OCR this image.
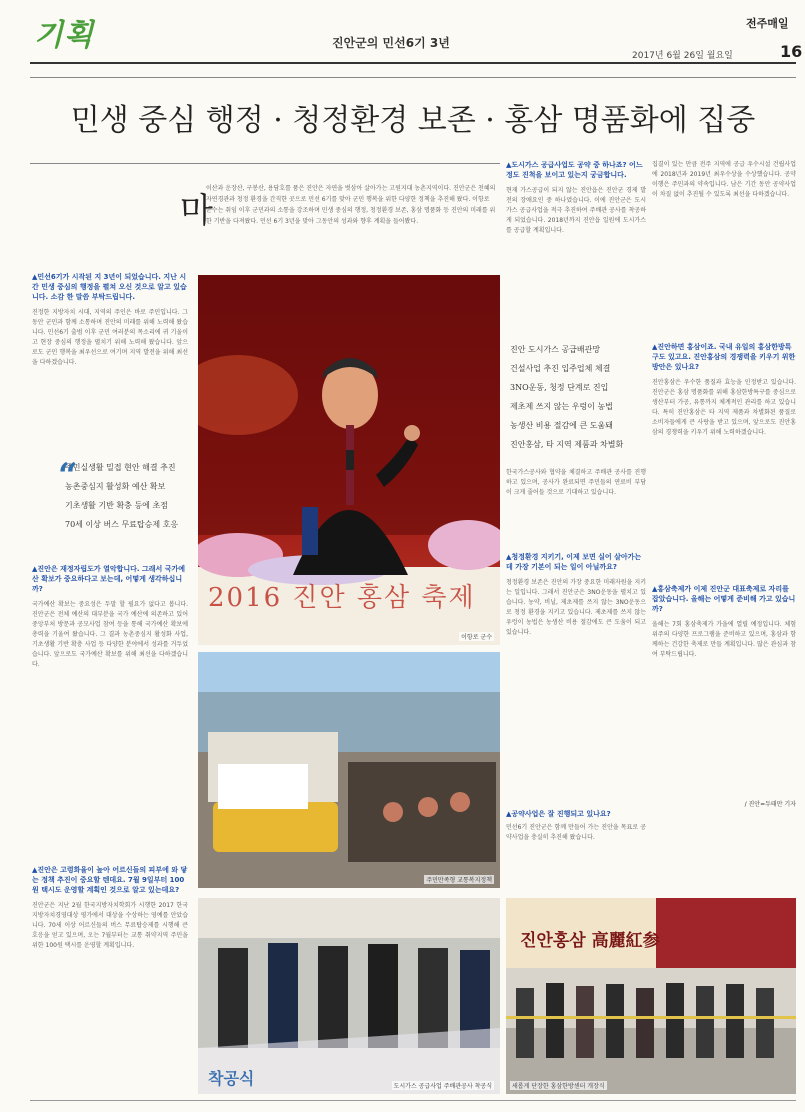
기획	진안군의 민선6기 3년
전주매일
2017년 6월 26일 월요일	16
민생 중심 행정 · 청정환경 보존 · 홍삼 명품화에 집중
마
이산과 운장산, 구봉산, 용담호를 품은 진안은 자연을 벗삼아 살아가는 고원지대 농촌지역이다. 진안군은 천혜의 자연경관과 청정 환경을 간직한 곳으로 민선 6기를 맞아 군민 행복을 위한 다양한 정책을 추진해 왔다. 이항로 군수는 취임 이후 군민과의 소통을 강조하며 민생 중심의 행정, 청정환경 보존, 홍삼 명품화 등 진안의 미래를 위한 기반을 다져왔다. 민선 6기 3년을 맞아 그동안의 성과와 향후 계획을 들어봤다.
▲민선6기가 시작된 지 3년이 되었습니다. 지난 시간 민생 중심의 행정을 펼쳐 오신 것으로 알고 있습니다. 소감 한 말씀 부탁드립니다.
진정한 지방자치 시대, 지역의 주인은 바로 주민입니다. 그동안 군민과 함께 소통하며 진안의 미래를 위해 노력해 왔습니다. 민선6기 출범 이후 군민 여러분의 목소리에 귀 기울이고 현장 중심의 행정을 펼치기 위해 노력해 왔습니다. 앞으로도 군민 행복을 최우선으로 여기며 지역 발전을 위해 최선을 다하겠습니다.
“
주민실생활 밀접 현안 해결 추진
농촌중심지 활성화 예산 확보
기초생활 기반 확충 등에 초점
70세 이상 버스 무료탑승제 호응
▲진안은 재정자립도가 열악합니다. 그래서 국가예산 확보가 중요하다고 보는데, 어떻게 생각하십니까?
국가예산 확보는 중요성은 두말 할 필요가 없다고 봅니다. 진안군은 전체 예산의 대부분을 국가 예산에 의존하고 있어 중앙부처 방문과 공모사업 참여 등을 통해 국가예산 확보에 총력을 기울여 왔습니다. 그 결과 농촌중심지 활성화 사업, 기초생활 기반 확충 사업 등 다양한 분야에서 성과를 거두었습니다. 앞으로도 국가예산 확보를 위해 최선을 다하겠습니다.
▲진안은 고령화율이 높아 어르신들의 피부에 와 닿는 정책 추진이 중요할 텐데요. 7월 9일부터 100원 택시도 운영할 계획인 것으로 알고 있는데요?
진안군은 지난 2월 한국지방자치학회가 시행한 2017 한국지방자치경영대상 평가에서 대상을 수상하는 영예를 안았습니다. 70세 이상 어르신들의 버스 무료탑승제를 시행해 큰 호응을 얻고 있으며, 오는 7월부터는 교통 취약지역 주민을 위한 100원 택시를 운영할 계획입니다.
이항로 군수
2016 진안 홍삼 축제
주민만족형 교통복지정책
착공식	도시가스 공급사업 주배관공사 착공식
▲도시가스 공급사업도 공약 중 하나죠? 어느 정도 진척을 보이고 있는지 궁금합니다.
현재 가스공급이 되지 않는 진안읍은 진안군 경제 발전의 장애요인 중 하나였습니다. 이에 진안군은 도시가스 공급사업을 적극 추진하여 주배관 공사를 착공하게 되었습니다. 2018년까지 진안읍 일원에 도시가스를 공급할 계획입니다.
진안 도시가스 공급배관망
건설사업 추진 입주업체 체결
3NO운동, 청정 단계로 진입
제초제 쓰지 않는 우렁이 농법
농생산 비용 절감에 큰 도움돼
진안홍삼, 타 지역 제품과 차별화
한국가스공사와 협약을 체결하고 주배관 공사를 진행하고 있으며, 공사가 완료되면 주민들의 연료비 부담이 크게 줄어들 것으로 기대하고 있습니다.
▲청정환경 지키기, 이제 보면 실어 살아가는데 가장 기본이 되는 일이 아닐까요?
청정환경 보존은 진안의 가장 중요한 미래자원을 지키는 일입니다. 그래서 진안군은 3NO운동을 펼치고 있습니다. 농약, 비닐, 제초제를 쓰지 않는 3NO운동으로 청정 환경을 지키고 있습니다. 제초제를 쓰지 않는 우렁이 농법은 농생산 비용 절감에도 큰 도움이 되고 있습니다.
▲공약사업은 잘 진행되고 있나요?
민선6기 진안군은 함께 만들어 가는 진안을 목표로 공약사업을 충실히 추진해 왔습니다.
집결이 있는 만큼 전주 지역에 공급 우수시설 건립사업에 2018년과 2019년 최우수상을 수상했습니다. 공약이행은 주민과의 약속입니다. 남은 기간 동안 공약사업이 차질 없이 추진될 수 있도록 최선을 다하겠습니다.
▲진안하면 홍삼이죠. 국내 유일의 홍삼한방특구도 있고요. 진안홍삼의 경쟁력을 키우기 위한 방안은 있나요?
진안홍삼은 우수한 품질과 효능을 인정받고 있습니다. 진안군은 홍삼 명품화를 위해 홍삼한방특구를 중심으로 생산부터 가공, 유통까지 체계적인 관리를 하고 있습니다. 특히 진안홍삼은 타 지역 제품과 차별화된 품질로 소비자들에게 큰 사랑을 받고 있으며, 앞으로도 진안홍삼의 경쟁력을 키우기 위해 노력하겠습니다.
▲홍삼축제가 이제 진안군 대표축제로 자리를 잡았습니다. 올해는 어떻게 준비해 가고 있습니까?
올해는 7회 홍삼축제가 가을에 열릴 예정입니다. 체험 위주의 다양한 프로그램을 준비하고 있으며, 홍삼과 함께하는 건강한 축제로 만들 계획입니다. 많은 관심과 참여 부탁드립니다.
/ 진안=두태만 기자
진안홍삼 高麗紅参
새롭게 단장한 홍삼한방센터 개장식
